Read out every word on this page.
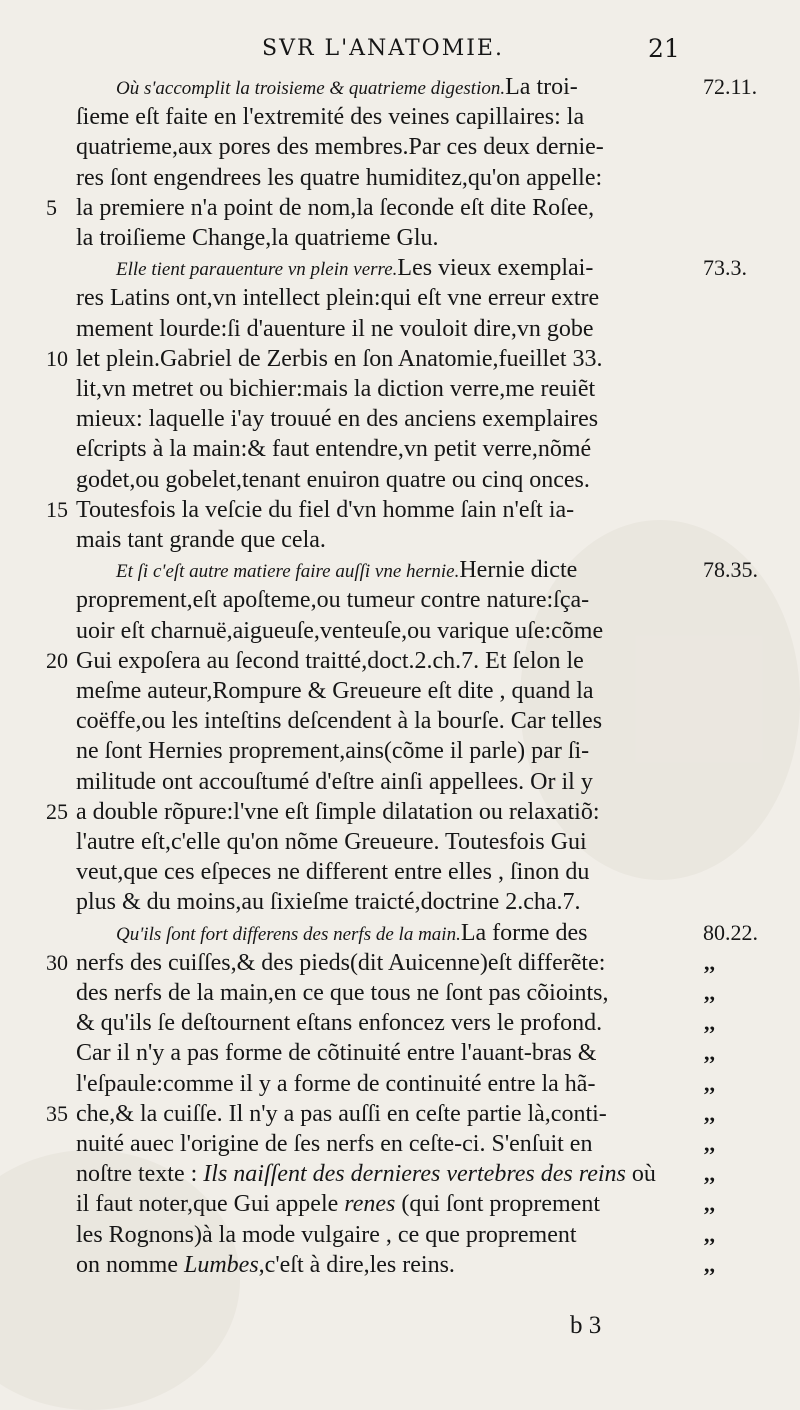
SVR L'ANATOMIE.	21
Où s'accomplit la troisieme & quatrieme digestion.La troi-
ſieme eſt faite en l'extremité des veines capillaires: la
quatrieme,aux pores des membres.Par ces deux dernie-
res ſont engendrees les quatre humiditez,qu'on appelle:
la premiere n'a point de nom,la ſeconde eſt dite Roſee,
la troiſieme Change,la quatrieme Glu.
Elle tient parauenture vn plein verre.Les vieux exemplai-
res Latins ont,vn intellect plein:qui eſt vne erreur extre
mement lourde:ſi d'auenture il ne vouloit dire,vn gobe
let plein.Gabriel de Zerbis en ſon Anatomie,fueillet 33.
lit,vn metret ou bichier:mais la diction verre,me reuiẽt
mieux: laquelle i'ay trouué en des anciens exemplaires
eſcripts à la main:& faut entendre,vn petit verre,nõmé
godet,ou gobelet,tenant enuiron quatre ou cinq onces.
Toutesfois la veſcie du fiel d'vn homme ſain n'eſt ia-
mais tant grande que cela.
Et ſi c'eſt autre matiere faire auſſi vne hernie.Hernie dicte
proprement,eſt apoſteme,ou tumeur contre nature:ſça-
uoir eſt charnuë,aigueuſe,venteuſe,ou varique uſe:cõme
Gui expoſera au ſecond traitté,doct.2.ch.7. Et ſelon le
meſme auteur,Rompure & Greueure eſt dite , quand la
coëffe,ou les inteſtins deſcendent à la bourſe. Car telles
ne ſont Hernies proprement,ains(cõme il parle) par ſi-
militude ont accouſtumé d'eſtre ainſi appellees. Or il y
a double rõpure:l'vne eſt ſimple dilatation ou relaxatiõ:
l'autre eſt,c'elle qu'on nõme Greueure. Toutesfois Gui
veut,que ces eſpeces ne different entre elles , ſinon du
plus & du moins,au ſixieſme traicté,doctrine 2.cha.7.
Qu'ils ſont fort differens des nerfs de la main.La forme des
nerfs des cuiſſes,& des pieds(dit Auicenne)eſt differẽte:
des nerfs de la main,en ce que tous ne ſont pas cõioints,
& qu'ils ſe deſtournent eſtans enfoncez vers le profond.
Car il n'y a pas forme de cõtinuité entre l'auant-bras &
l'eſpaule:comme il y a forme de continuité entre la hã-
che,& la cuiſſe. Il n'y a pas auſſi en ceſte partie là,conti-
nuité auec l'origine de ſes nerfs en ceſte-ci. S'enſuit en
noſtre texte : Ils naiſſent des dernieres vertebres des reins où
il faut noter,que Gui appele renes (qui ſont proprement
les Rognons)à la mode vulgaire , ce que proprement
on nomme Lumbes,c'eſt à dire,les reins.
5
10
15
20
25
30
35
72.11.
73.3.
78.35.
80.22.
,,
,,
,,
,,
,,
,,
,,
,,
,,
,,
,,
b 3
